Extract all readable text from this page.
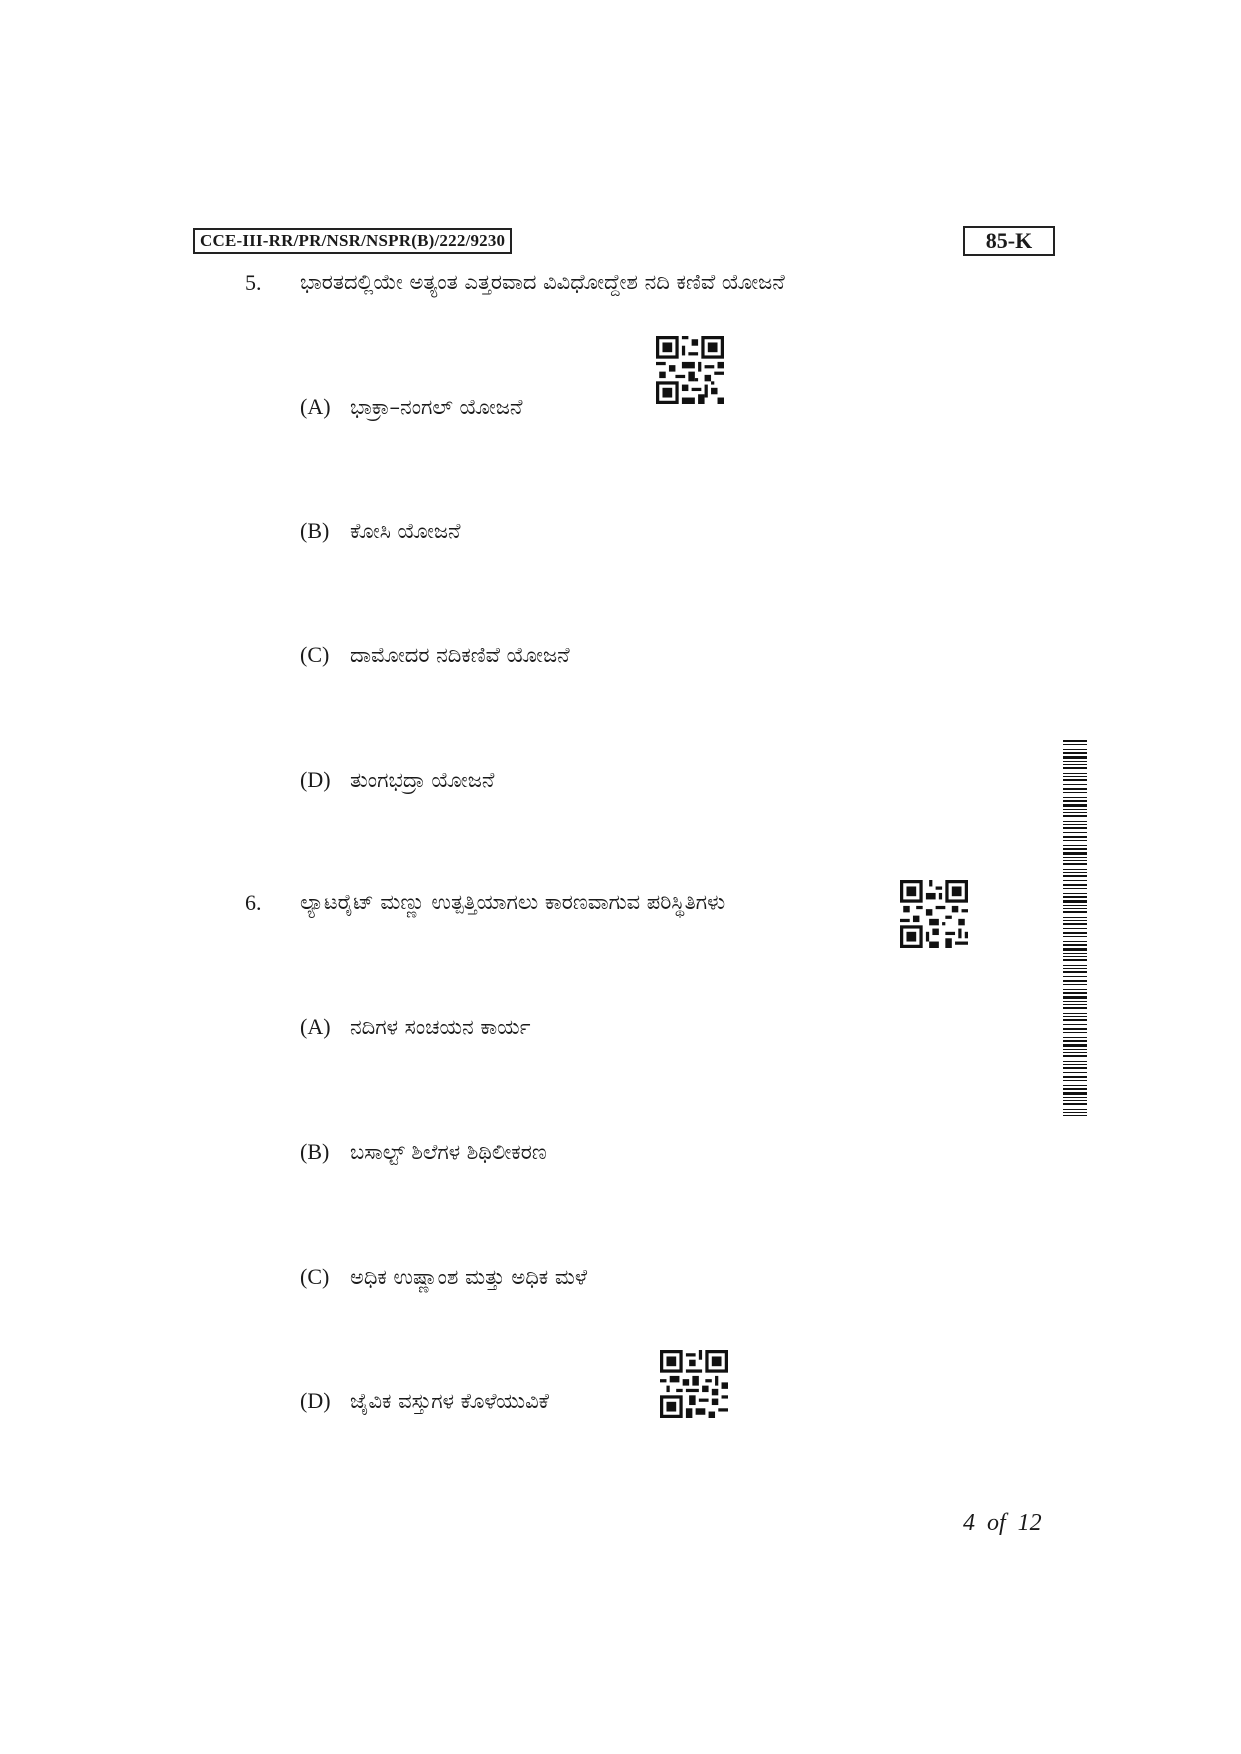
CCE-III-RR/PR/NSR/NSPR(B)/222/9230	85-K
5. ಭಾರತದಲ್ಲಿಯೇ ಅತ್ಯಂತ ಎತ್ತರವಾದ ವಿವಿಧೋದ್ದೇಶ ನದಿ ಕಣಿವೆ ಯೋಜನೆ
(A) ಭಾಕ್ರಾ–ನಂಗಲ್ ಯೋಜನೆ
(B) ಕೋಸಿ ಯೋಜನೆ
(C) ದಾಮೋದರ ನದಿಕಣಿವೆ ಯೋಜನೆ
(D) ತುಂಗಭದ್ರಾ ಯೋಜನೆ
6. ಲ್ಯಾಟರೈಟ್ ಮಣ್ಣು ಉತ್ಪತ್ತಿಯಾಗಲು ಕಾರಣವಾಗುವ ಪರಿಸ್ಥಿತಿಗಳು
(A) ನದಿಗಳ ಸಂಚಯನ ಕಾರ್ಯ
(B) ಬಸಾಲ್ಟ್ ಶಿಲೆಗಳ ಶಿಥಿಲೀಕರಣ
(C) ಅಧಿಕ ಉಷ್ಣಾಂಶ ಮತ್ತು ಅಧಿಕ ಮಳೆ
(D) ಜೈವಿಕ ವಸ್ತುಗಳ ಕೊಳೆಯುವಿಕೆ
4 of 12
